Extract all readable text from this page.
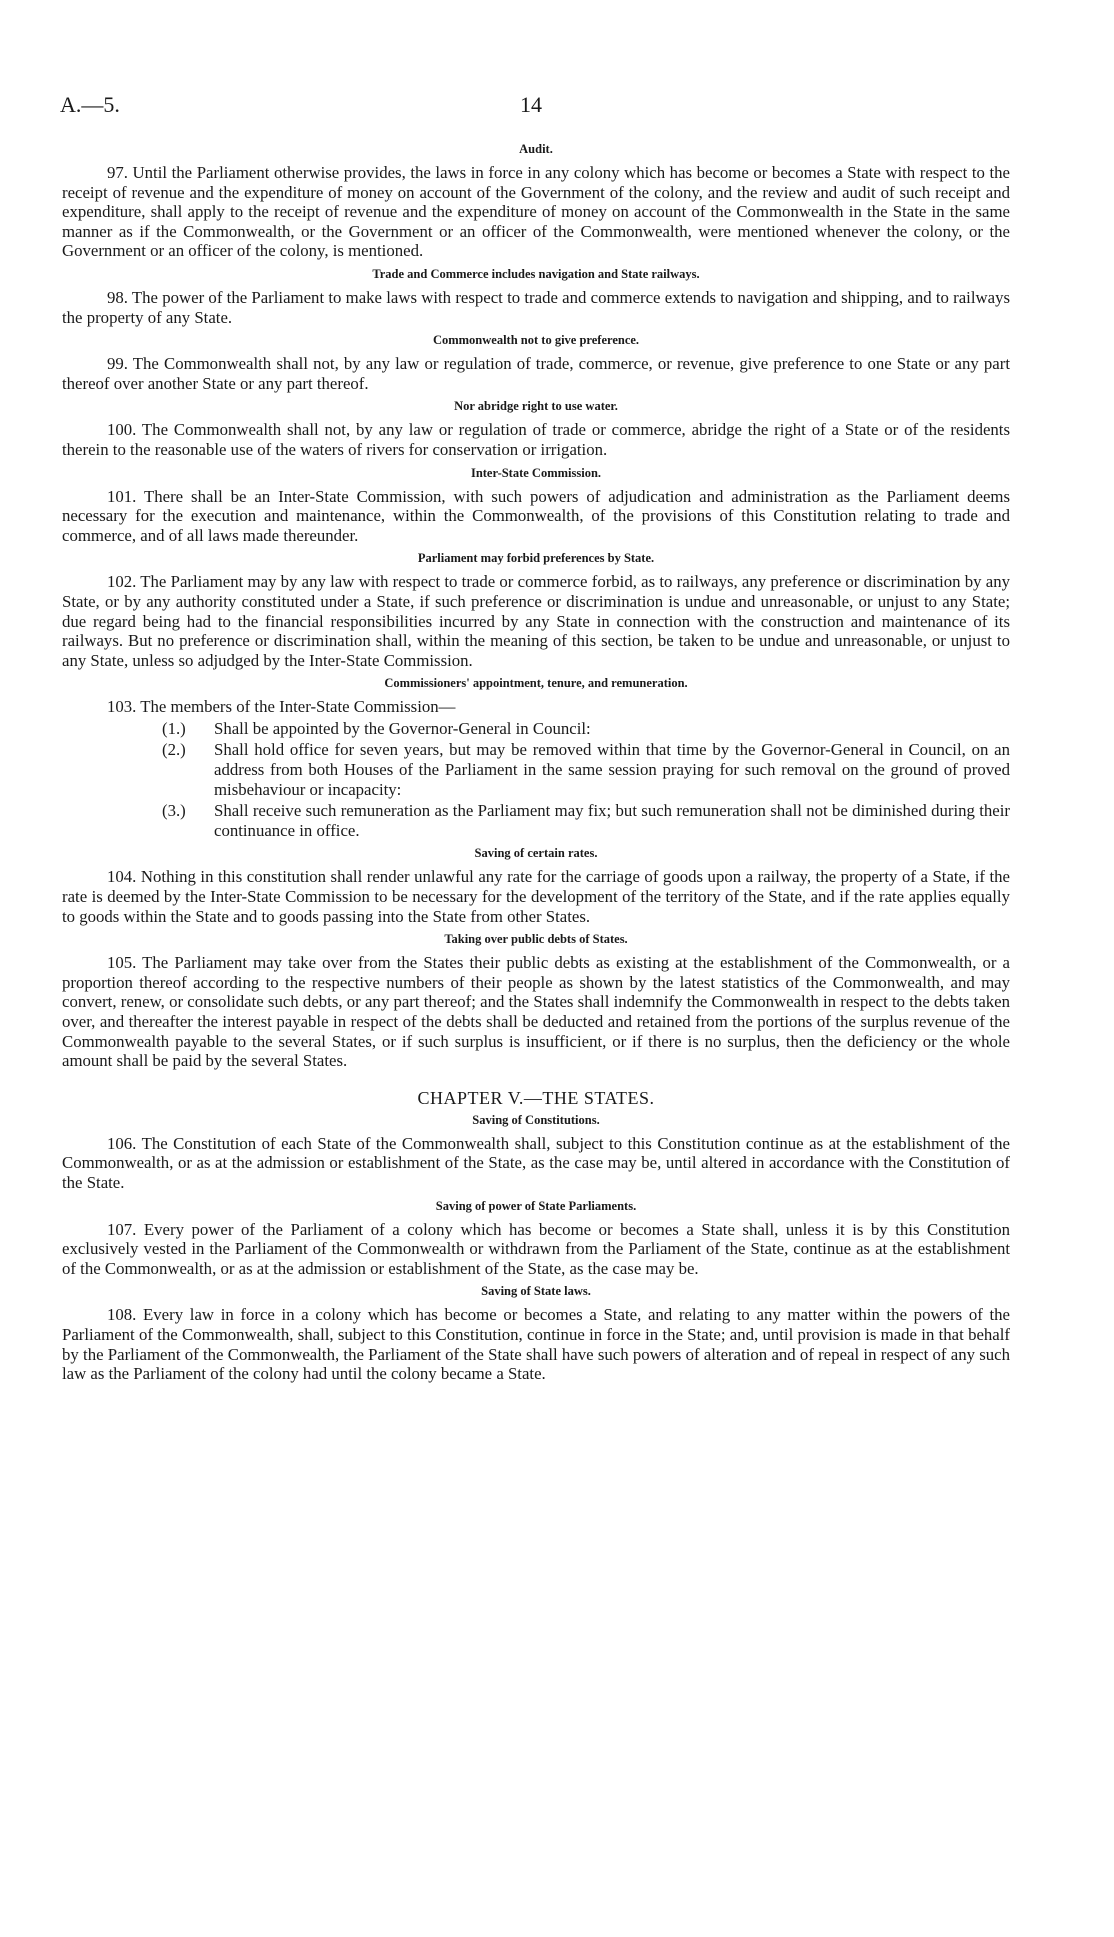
A.—5.	14
Audit.

97. Until the Parliament otherwise provides, the laws in force in any colony which has become or becomes a State with respect to the receipt of revenue and the expenditure of money on account of the Government of the colony, and the review and audit of such receipt and expenditure, shall apply to the receipt of revenue and the expenditure of money on account of the Commonwealth in the State in the same manner as if the Commonwealth, or the Government or an officer of the Commonwealth, were mentioned whenever the colony, or the Government or an officer of the colony, is mentioned.

Trade and Commerce includes navigation and State railways.

98. The power of the Parliament to make laws with respect to trade and commerce extends to navigation and shipping, and to railways the property of any State.

Commonwealth not to give preference.

99. The Commonwealth shall not, by any law or regulation of trade, commerce, or revenue, give preference to one State or any part thereof over another State or any part thereof.

Nor abridge right to use water.

100. The Commonwealth shall not, by any law or regulation of trade or commerce, abridge the right of a State or of the residents therein to the reasonable use of the waters of rivers for conservation or irrigation.

Inter-State Commission.

101. There shall be an Inter-State Commission, with such powers of adjudication and administration as the Parliament deems necessary for the execution and maintenance, within the Commonwealth, of the provisions of this Constitution relating to trade and commerce, and of all laws made thereunder.

Parliament may forbid preferences by State.

102. The Parliament may by any law with respect to trade or commerce forbid, as to railways, any preference or discrimination by any State, or by any authority constituted under a State, if such preference or discrimination is undue and unreasonable, or unjust to any State; due regard being had to the financial responsibilities incurred by any State in connection with the construction and maintenance of its railways. But no preference or discrimination shall, within the meaning of this section, be taken to be undue and unreasonable, or unjust to any State, unless so adjudged by the Inter-State Commission.

Commissioners' appointment, tenure, and remuneration.

103. The members of the Inter-State Commission—

(1.) Shall be appointed by the Governor-General in Council:
(2.) Shall hold office for seven years, but may be removed within that time by the Governor-General in Council, on an address from both Houses of the Parliament in the same session praying for such removal on the ground of proved misbehaviour or incapacity:
(3.) Shall receive such remuneration as the Parliament may fix; but such remuneration shall not be diminished during their continuance in office.
Saving of certain rates.

104. Nothing in this constitution shall render unlawful any rate for the carriage of goods upon a railway, the property of a State, if the rate is deemed by the Inter-State Commission to be necessary for the development of the territory of the State, and if the rate applies equally to goods within the State and to goods passing into the State from other States.

Taking over public debts of States.

105. The Parliament may take over from the States their public debts as existing at the establishment of the Commonwealth, or a proportion thereof according to the respective numbers of their people as shown by the latest statistics of the Commonwealth, and may convert, renew, or consolidate such debts, or any part thereof; and the States shall indemnify the Commonwealth in respect to the debts taken over, and thereafter the interest payable in respect of the debts shall be deducted and retained from the portions of the surplus revenue of the Commonwealth payable to the several States, or if such surplus is insufficient, or if there is no surplus, then the deficiency or the whole amount shall be paid by the several States.

CHAPTER V.—THE STATES.
Saving of Constitutions.

106. The Constitution of each State of the Commonwealth shall, subject to this Constitution continue as at the establishment of the Commonwealth, or as at the admission or establishment of the State, as the case may be, until altered in accordance with the Constitution of the State.

Saving of power of State Parliaments.

107. Every power of the Parliament of a colony which has become or becomes a State shall, unless it is by this Constitution exclusively vested in the Parliament of the Commonwealth or withdrawn from the Parliament of the State, continue as at the establishment of the Commonwealth, or as at the admission or establishment of the State, as the case may be.

Saving of State laws.

108. Every law in force in a colony which has become or becomes a State, and relating to any matter within the powers of the Parliament of the Commonwealth, shall, subject to this Constitution, continue in force in the State; and, until provision is made in that behalf by the Parliament of the Commonwealth, the Parliament of the State shall have such powers of alteration and of repeal in respect of any such law as the Parliament of the colony had until the colony became a State.
